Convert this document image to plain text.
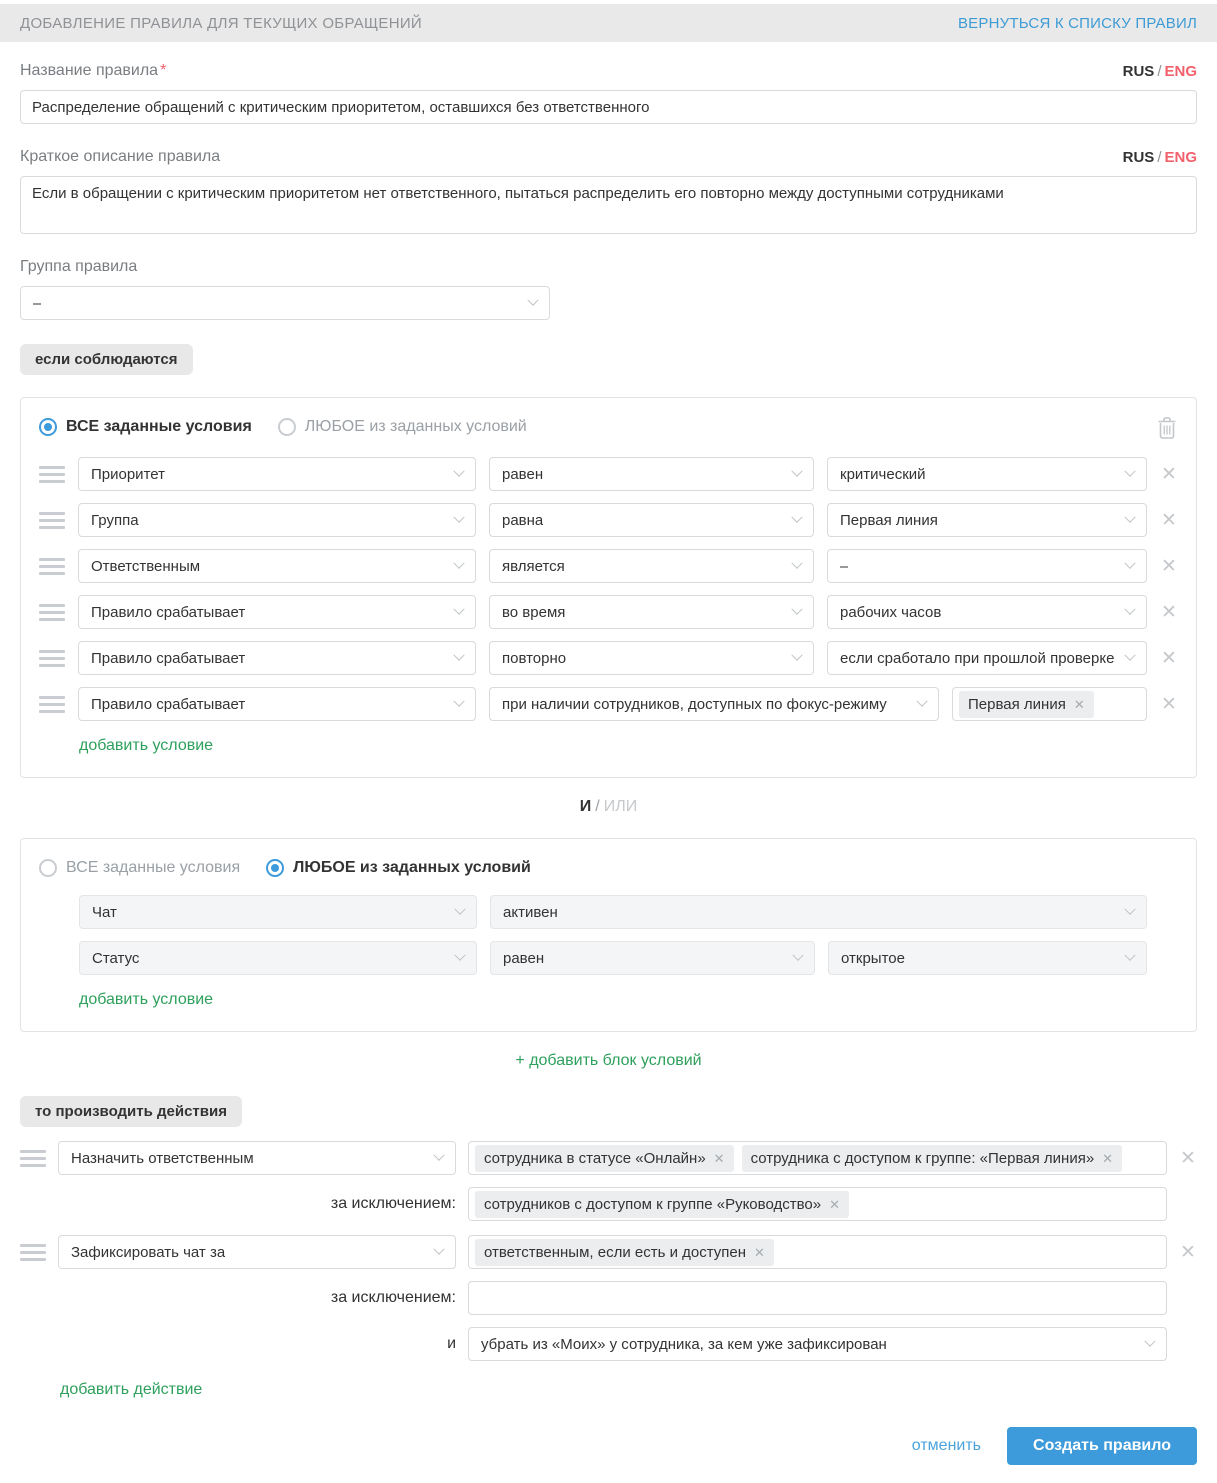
ДОБАВЛЕНИЕ ПРАВИЛА ДЛЯ ТЕКУЩИХ ОБРАЩЕНИЙ	ВЕРНУТЬСЯ К СПИСКУ ПРАВИЛ
Название правила *	RUS / ENG
Распределение обращений с критическим приоритетом, оставшихся без ответственного
Краткое описание правила	RUS / ENG
Если в обращении с критическим приоритетом нет ответственного, пытаться распределить его повторно между доступными сотрудниками
Группа правила
–
если соблюдаются
ВСЕ заданные условия	ЛЮБОЕ из заданных условий
Приоритет	равен	критический	✕
Группа	равна	Первая линия	✕
Ответственным	является	–	✕
Правило срабатывает	во время	рабочих часов	✕
Правило срабатывает	повторно	если сработало при прошлой проверке ✕
Правило срабатывает	при наличии сотрудников, доступных по фокус-режиму	Первая линия ✕	✕
добавить условие
И / ИЛИ
ВСЕ заданные условия	ЛЮБОЕ из заданных условий
Чат	активен
Статус	равен	открытое
добавить условие
+ добавить блок условий
то производить действия
Назначить ответственным	сотрудника в статусе «Онлайн» ✕ сотрудника с доступом к группе: «Первая линия» ✕	✕
за исключением: сотрудников с доступом к группе «Руководство» ✕
Зафиксировать чат за	ответственным, если есть и доступен ✕	✕
за исключением:
и убрать из «Моих» у сотрудника, за кем уже зафиксирован
добавить действие
отменить	Создать правило
